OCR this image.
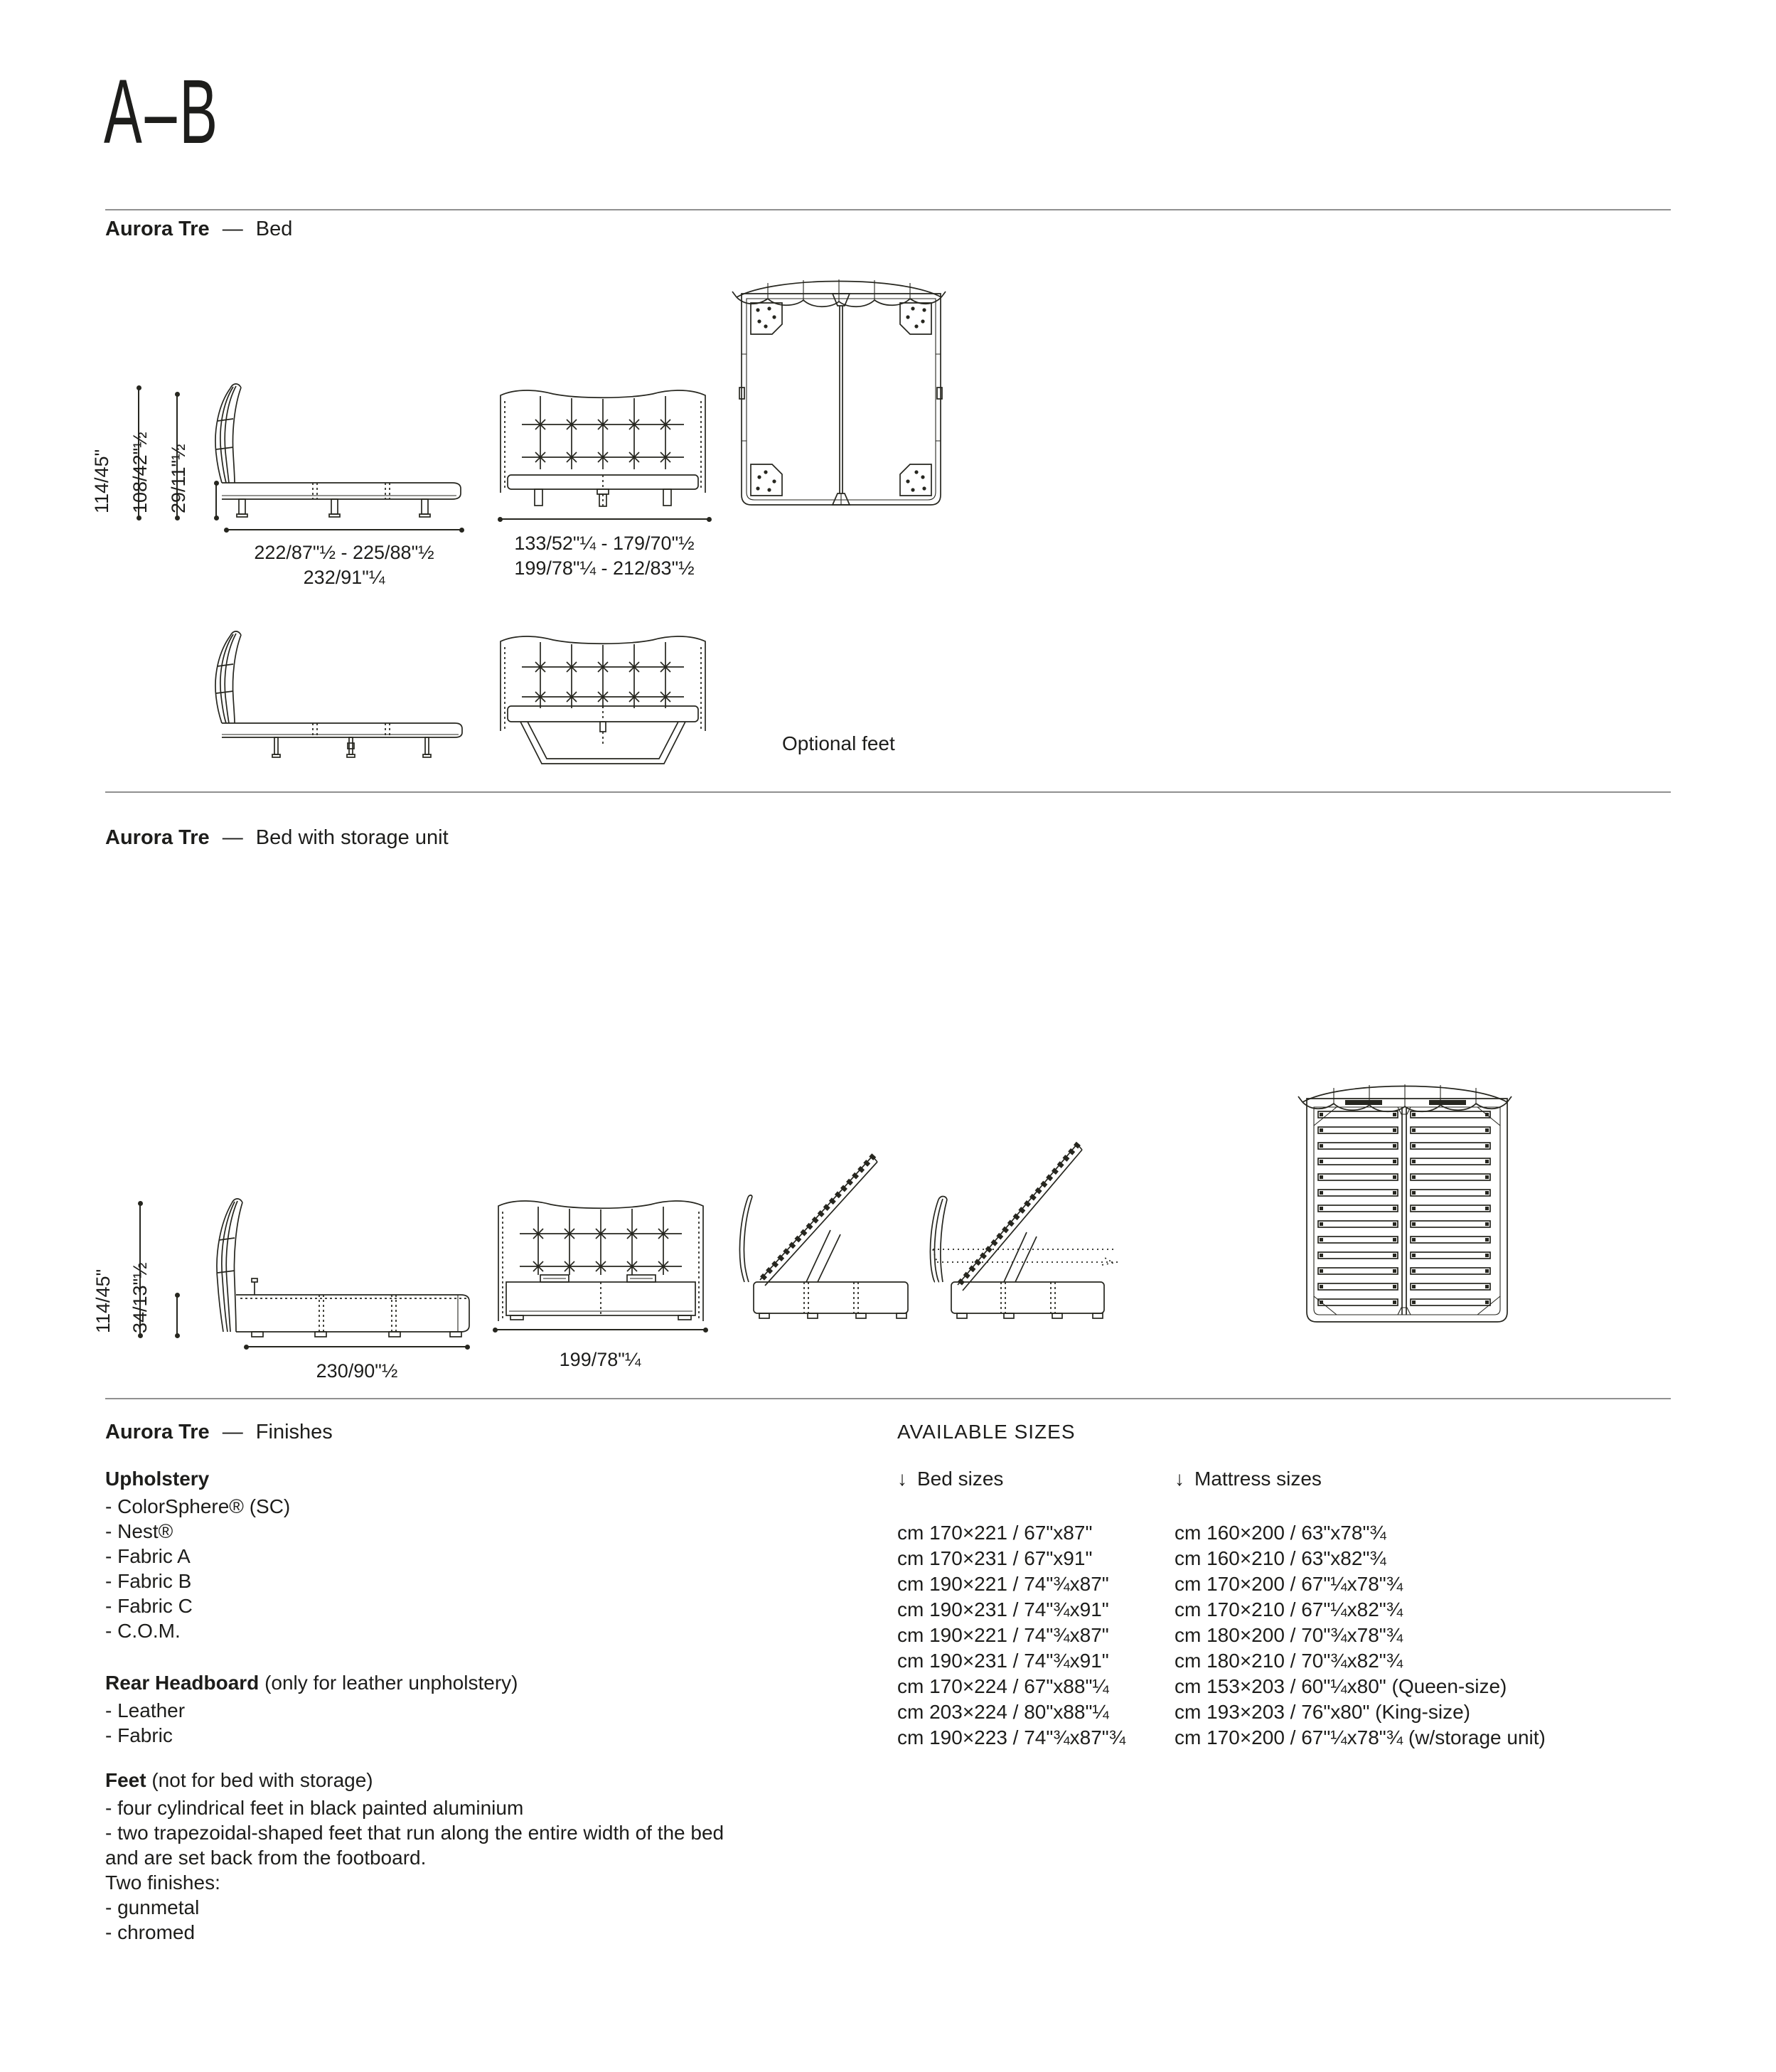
A–B
Aurora Tre — Bed
114/45" 108/42"½ 29/11"½
222/87"½ - 225/88"½
232/91"¼
133/52"¼ - 179/70"½
199/78"¼ - 212/83"½
Optional feet
Aurora Tre — Bed with storage unit
114/45" 34/13"½
230/90"½
199/78"¼
Aurora Tre — Finishes
Upholstery
- ColorSphere® (SC)
- Nest®
- Fabric A
- Fabric B
- Fabric C
- C.O.M.
Rear Headboard (only for leather unpholstery)
- Leather
- Fabric
Feet (not for bed with storage)
- four cylindrical feet in black painted aluminium
- two trapezoidal-shaped feet that run along the entire width of the bed
and are set back from the footboard.
Two finishes:
- gunmetal
- chromed
AVAILABLE SIZES
↓ Bed sizes	↓ Mattress sizes
cm 170×221 / 67"x87"
cm 170×231 / 67"x91"
cm 190×221 / 74"¾x87"
cm 190×231 / 74"¾x91"
cm 190×221 / 74"¾x87"
cm 190×231 / 74"¾x91"
cm 170×224 / 67"x88"¼
cm 203×224 / 80"x88"¼
cm 190×223 / 74"¾x87"¾
cm 160×200 / 63"x78"¾
cm 160×210 / 63"x82"¾
cm 170×200 / 67"¼x78"¾
cm 170×210 / 67"¼x82"¾
cm 180×200 / 70"¾x78"¾
cm 180×210 / 70"¾x82"¾
cm 153×203 / 60"¼x80" (Queen-size)
cm 193×203 / 76"x80" (King-size)
cm 170×200 / 67"¼x78"¾ (w/storage unit)
